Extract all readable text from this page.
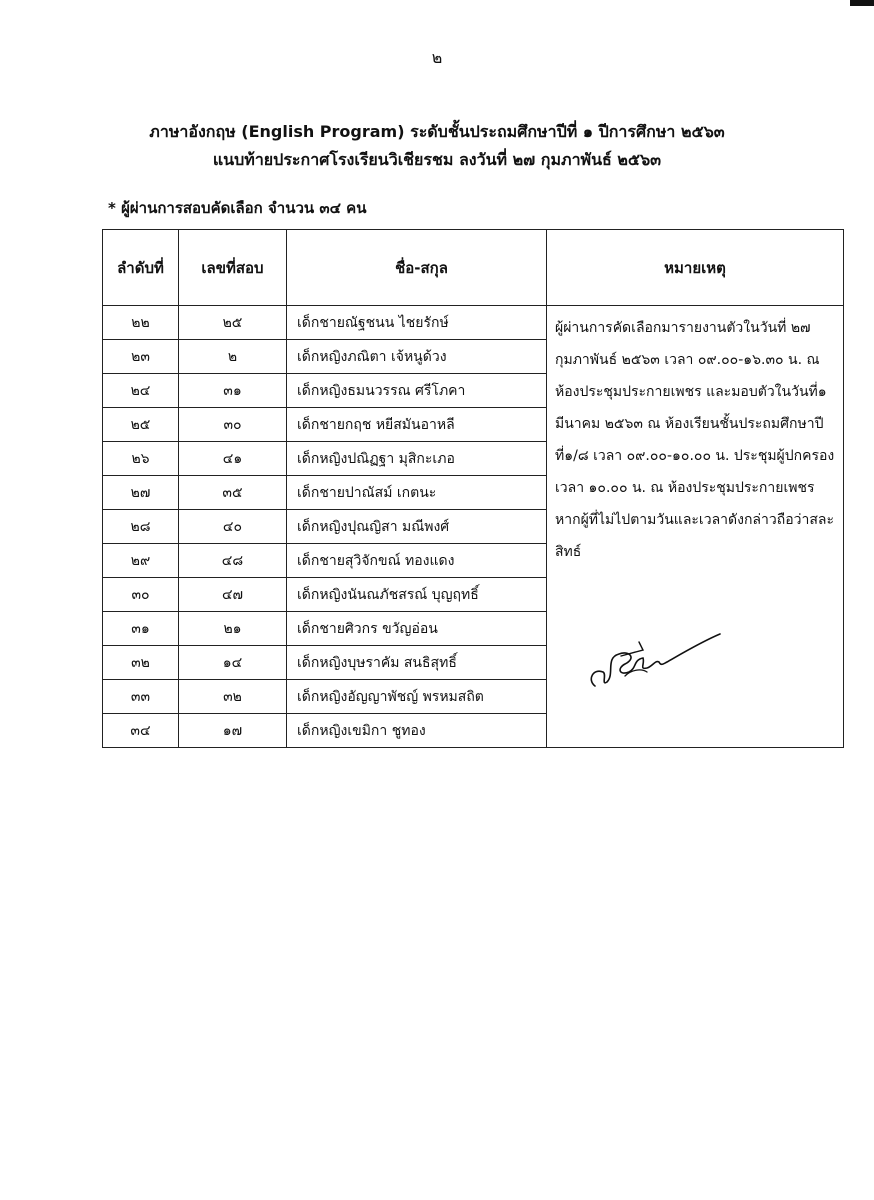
๒
ภาษาอังกฤษ (English Program) ระดับชั้นประถมศึกษาปีที่ ๑ ปีการศึกษา ๒๕๖๓
แนบท้ายประกาศโรงเรียนวิเชียรชม ลงวันที่ ๒๗ กุมภาพันธ์ ๒๕๖๓
* ผู้ผ่านการสอบคัดเลือก จำนวน ๓๔ คน
ลำดับที่	เลขที่สอบ	ชื่อ-สกุล	หมายเหตุ
๒๒	๒๕	เด็กชายณัฐชนน ไชยรักษ์	ผู้ผ่านการคัดเลือกมารายงานตัวในวันที่ ๒๗ กุมภาพันธ์ ๒๕๖๓ เวลา ๐๙.๐๐-๑๖.๓๐ น. ณ ห้องประชุมประกายเพชร และมอบตัวในวันที่๑ มีนาคม ๒๕๖๓ ณ ห้องเรียนชั้นประถมศึกษาปีที่๑/๘ เวลา ๐๙.๐๐-๑๐.๐๐ น. ประชุมผู้ปกครองเวลา ๑๐.๐๐ น. ณ ห้องประชุมประกายเพชร หากผู้ที่ไม่ไปตามวันและเวลาดังกล่าวถือว่าสละสิทธ์

๒๓	๒	เด็กหญิงภณิตา เจ้หนูด้วง	
๒๔	๓๑	เด็กหญิงธมนวรรณ ศรีโภคา	
๒๕	๓๐	เด็กชายกฤช หยีสมันอาหลี	
๒๖	๔๑	เด็กหญิงปณิฏฐา มุสิกะเภอ	
๒๗	๓๕	เด็กชายปาณัสม์ เกตนะ	
๒๘	๔๐	เด็กหญิงปุณญิสา มณีพงศ์	
๒๙	๔๘	เด็กชายสุวิจักขณ์ ทองแดง	
๓๐	๔๗	เด็กหญิงนันณภัชสรณ์ บุญฤทธิ์	
๓๑	๒๑	เด็กชายศิวกร ขวัญอ่อน	
๓๒	๑๔	เด็กหญิงบุษราคัม สนธิสุทธิ์	
๓๓	๓๒	เด็กหญิงอัญญาพัชญ์ พรหมสถิต	
๓๔	๑๗	เด็กหญิงเขมิกา ชูทอง	
